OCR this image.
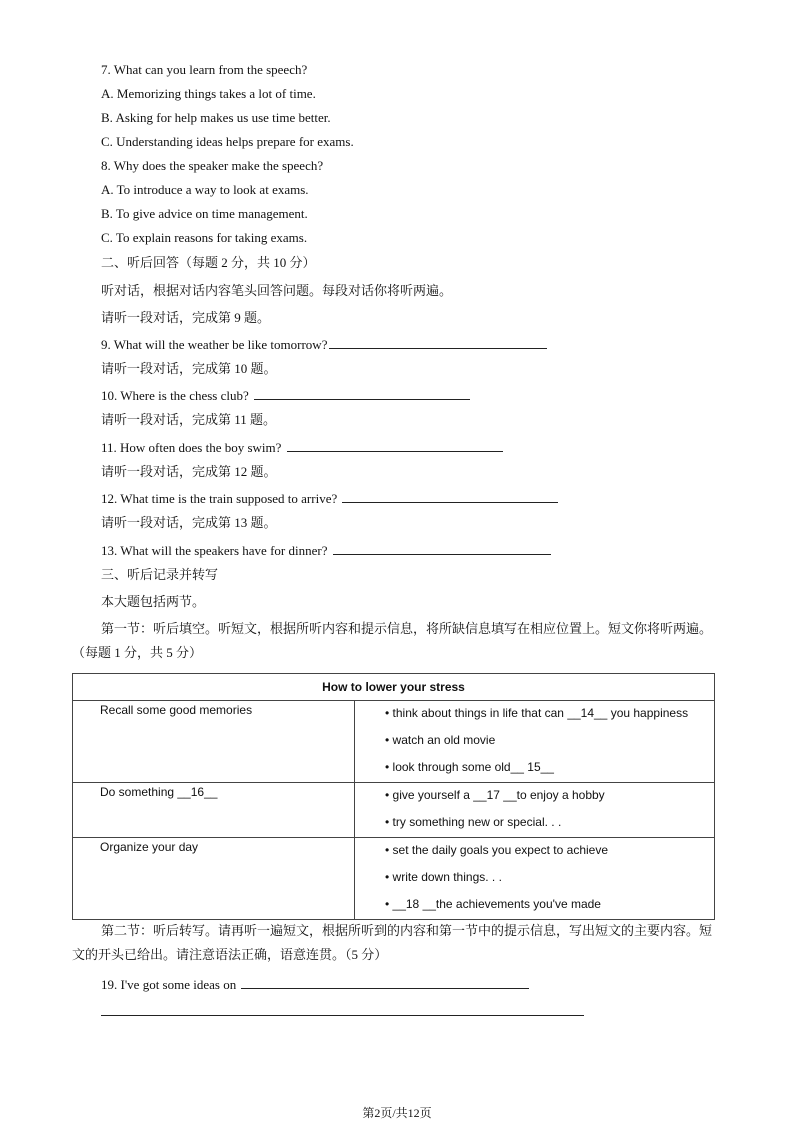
7. What can you learn from the speech?
A. Memorizing things takes a lot of time.
B. Asking for help makes us use time better.
C. Understanding ideas helps prepare for exams.
8. Why does the speaker make the speech?
A. To introduce a way to look at exams.
B. To give advice on time management.
C. To explain reasons for taking exams.
二、听后回答（每题 2 分，共 10 分）
听对话，根据对话内容笔头回答问题。每段对话你将听两遍。
请听一段对话，完成第 9 题。
9. What will the weather be like tomorrow?
请听一段对话，完成第 10 题。
10. Where is the chess club?
请听一段对话，完成第 11 题。
11. How often does the boy swim?
请听一段对话，完成第 12 题。
12. What time is the train supposed to arrive?
请听一段对话，完成第 13 题。
13. What will the speakers have for dinner?
三、听后记录并转写
本大题包括两节。
第一节：听后填空。听短文，根据所听内容和提示信息，将所缺信息填写在相应位置上。短文你将听两遍。（每题 1 分，共 5 分）
How to lower your stress	
Recall some good memories	• think about things in life that can __14__ you happiness
• watch an old movie
• look through some old__ 15__

Do something __16__	• give yourself a __17 __to enjoy a hobby
• try something new or special. . .

Organize your day	• set the daily goals you expect to achieve
• write down things. . .
• __18 __the achievements you've made
第二节：听后转写。请再听一遍短文，根据所听到的内容和第一节中的提示信息，写出短文的主要内容。短文的开头已给出。请注意语法正确，语意连贯。（5 分）
19. I've got some ideas on
第2页/共12页
